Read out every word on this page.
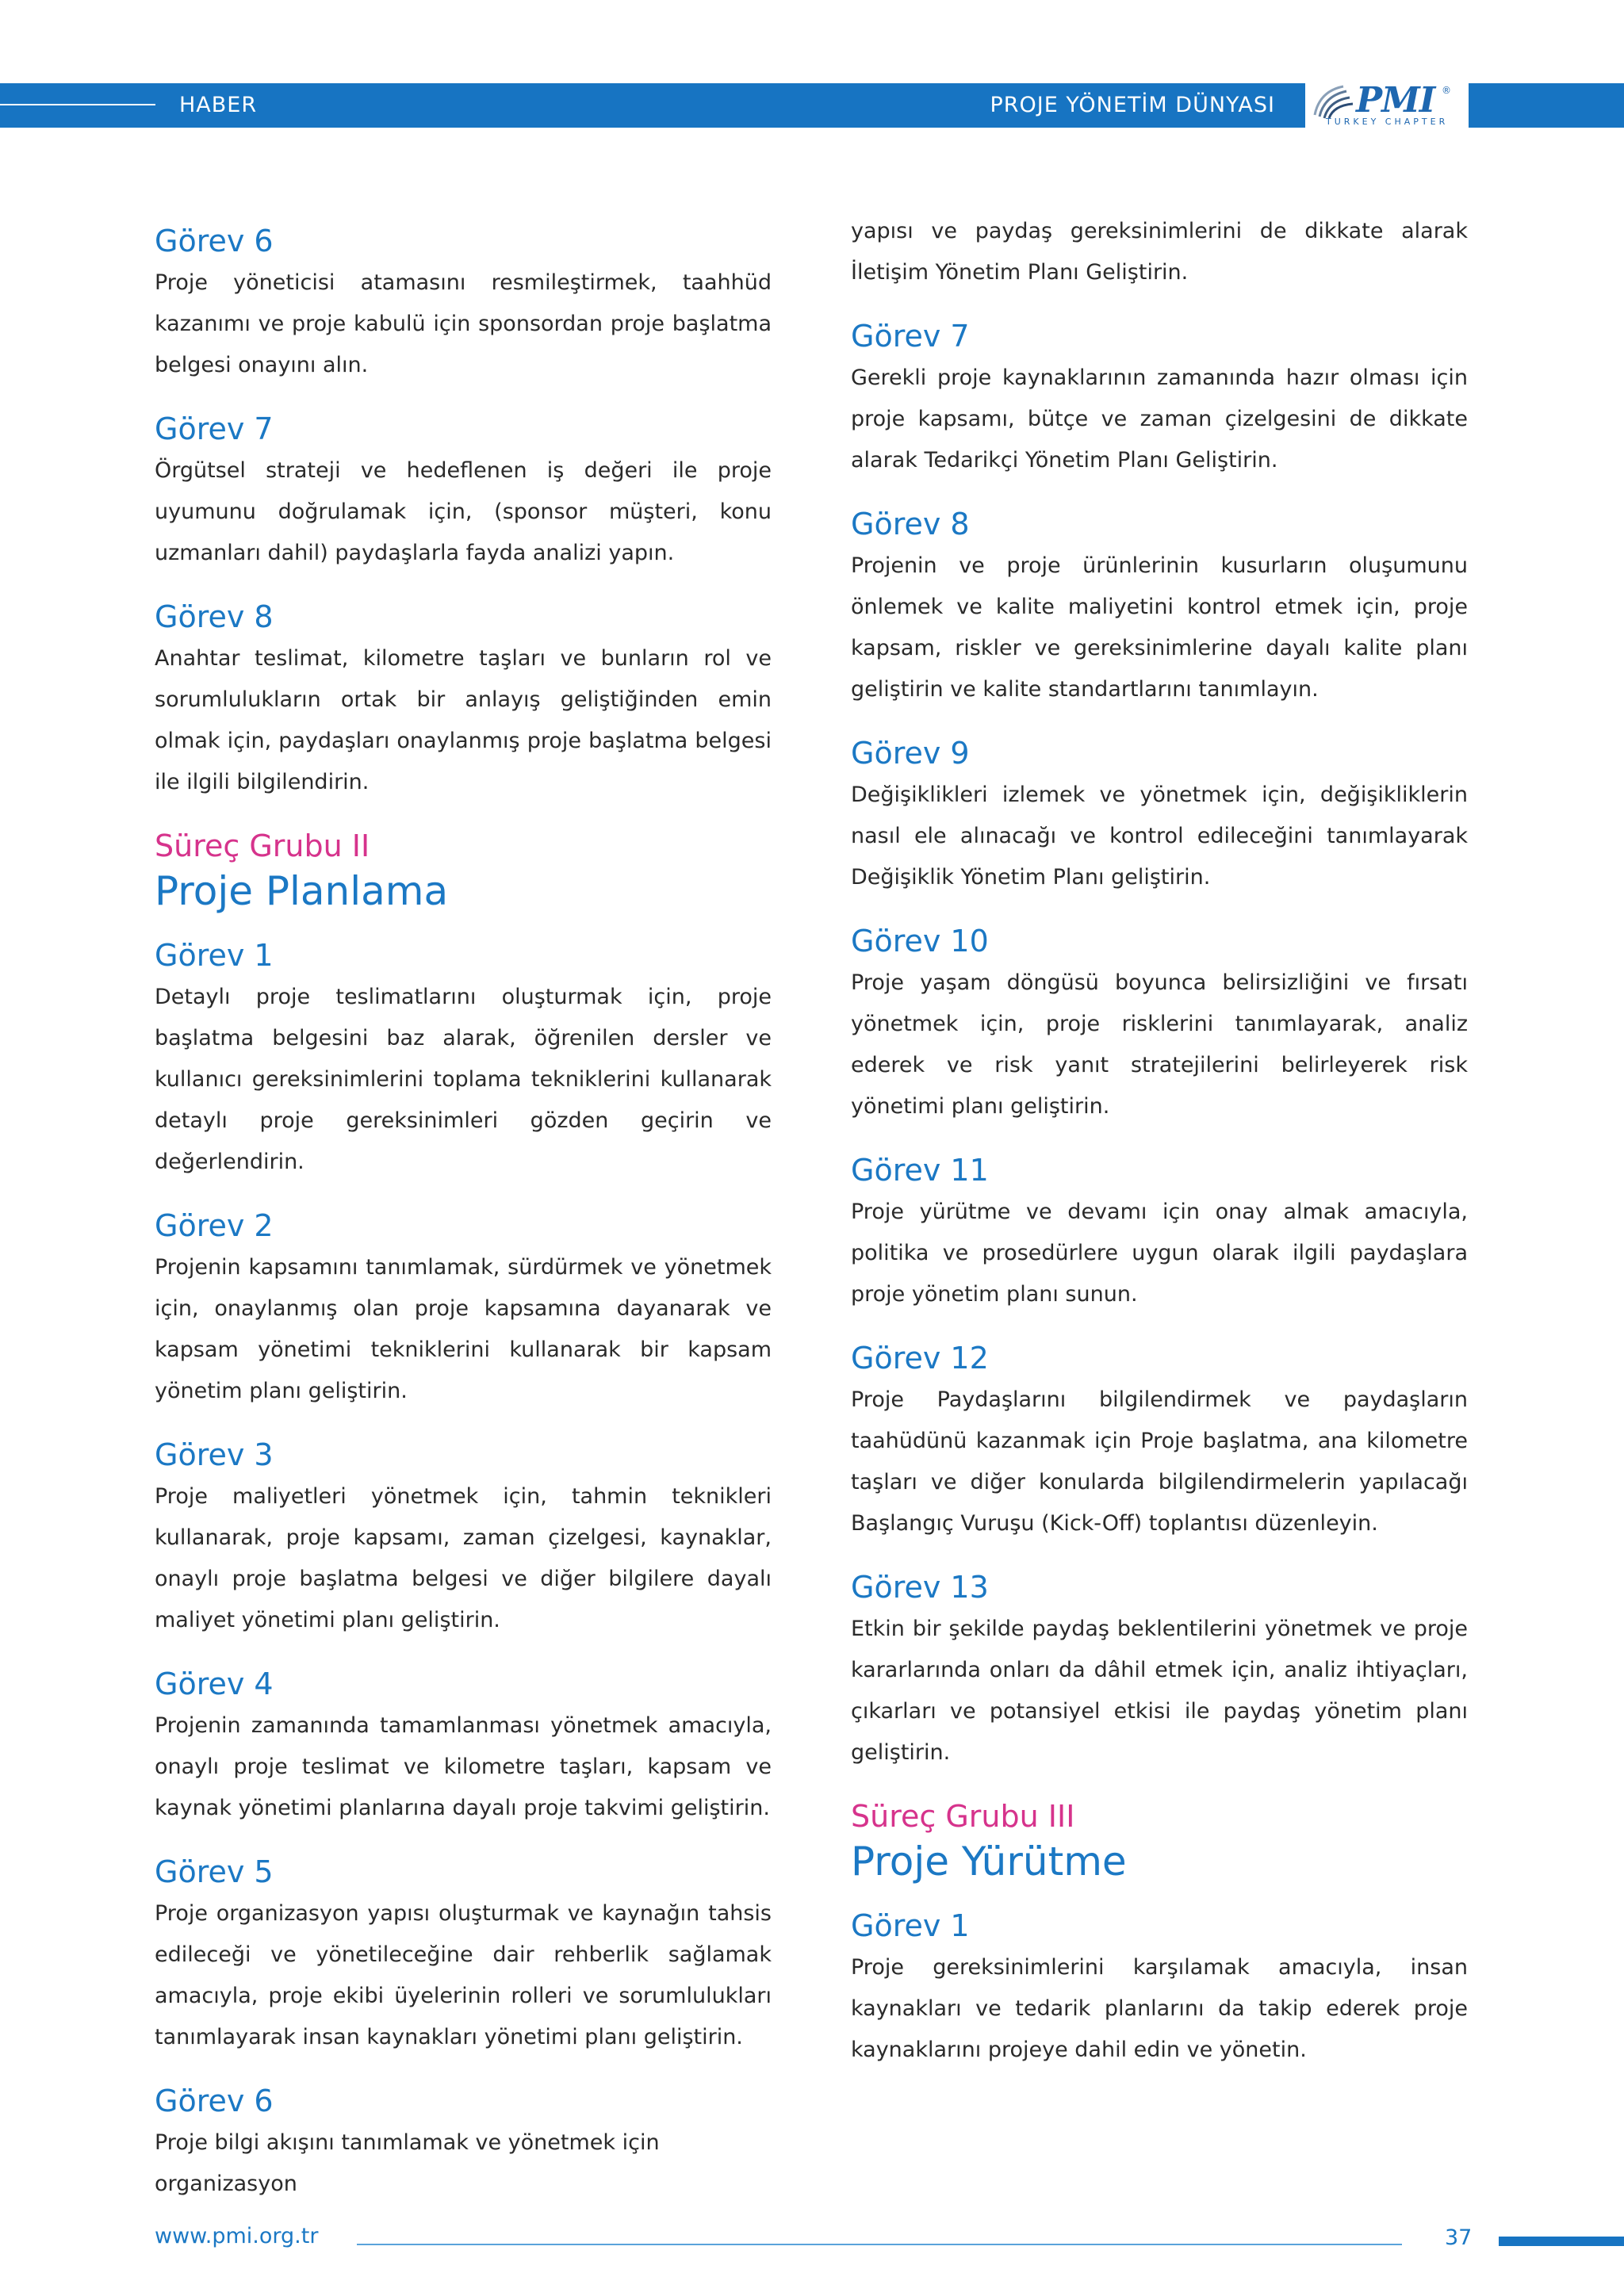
HABER	PROJE YÖNETİM DÜNYASI PMI ®
TURKEY CHAPTER
Görev 6

Proje yöneticisi atamasını resmileştirmek, taahhüd kazanımı ve proje kabulü için sponsordan proje başlatma belgesi onayını alın.

Görev 7

Örgütsel strateji ve hedeflenen iş değeri ile proje uyumunu doğrulamak için, (sponsor müşteri, konu uzmanları dahil) paydaşlarla fayda analizi yapın.

Görev 8

Anahtar teslimat, kilometre taşları ve bunların rol ve sorumlulukların ortak bir anlayış geliştiğinden emin olmak için, paydaşları onaylanmış proje başlatma belgesi ile ilgili bilgilendirin.

Süreç Grubu II
Proje Planlama
Görev 1

Detaylı proje teslimatlarını oluşturmak için, proje başlatma belgesini baz alarak, öğrenilen dersler ve kullanıcı gereksinimlerini toplama tekniklerini kullanarak detaylı proje gereksinimleri gözden geçirin ve değerlendirin.

Görev 2

Projenin kapsamını tanımlamak, sürdürmek ve yönetmek için, onaylanmış olan proje kapsamına dayanarak ve kapsam yönetimi tekniklerini kullanarak bir kapsam yönetim planı geliştirin.

Görev 3

Proje maliyetleri yönetmek için, tahmin teknikleri kullanarak, proje kapsamı, zaman çizelgesi, kaynaklar, onaylı proje başlatma belgesi ve diğer bilgilere dayalı maliyet yönetimi planı geliştirin.

Görev 4

Projenin zamanında tamamlanması yönetmek amacıyla, onaylı proje teslimat ve kilometre taşları, kapsam ve kaynak yönetimi planlarına dayalı proje takvimi geliştirin.

Görev 5

Proje organizasyon yapısı oluşturmak ve kaynağın tahsis edileceği ve yönetileceğine dair rehberlik sağlamak amacıyla, proje ekibi üyelerinin rolleri ve sorumlulukları tanımlayarak insan kaynakları yönetimi planı geliştirin.

Görev 6

Proje bilgi akışını tanımlamak ve yönetmek için organizasyon

yapısı ve paydaş gereksinimlerini de dikkate alarak İletişim Yönetim Planı Geliştirin.

Görev 7

Gerekli proje kaynaklarının zamanında hazır olması için proje kapsamı, bütçe ve zaman çizelgesini de dikkate alarak Tedarikçi Yönetim Planı Geliştirin.

Görev 8

Projenin ve proje ürünlerinin kusurların oluşumunu önlemek ve kalite maliyetini kontrol etmek için, proje kapsam, riskler ve gereksinimlerine dayalı kalite planı geliştirin ve kalite standartlarını tanımlayın.

Görev 9

Değişiklikleri izlemek ve yönetmek için, değişikliklerin nasıl ele alınacağı ve kontrol edileceğini tanımlayarak Değişiklik Yönetim Planı geliştirin.

Görev 10

Proje yaşam döngüsü boyunca belirsizliğini ve fırsatı yönetmek için, proje risklerini tanımlayarak, analiz ederek ve risk yanıt stratejilerini belirleyerek risk yönetimi planı geliştirin.

Görev 11

Proje yürütme ve devamı için onay almak amacıyla, politika ve prosedürlere uygun olarak ilgili paydaşlara proje yönetim planı sunun.

Görev 12

Proje Paydaşlarını bilgilendirmek ve paydaşların taahüdünü kazanmak için Proje başlatma, ana kilometre taşları ve diğer konularda bilgilendirmelerin yapılacağı Başlangıç Vuruşu (Kick-Off) toplantısı düzenleyin.

Görev 13

Etkin bir şekilde paydaş beklentilerini yönetmek ve proje kararlarında onları da dâhil etmek için, analiz ihtiyaçları, çıkarları ve potansiyel etkisi ile paydaş yönetim planı geliştirin.

Süreç Grubu III
Proje Yürütme
Görev 1

Proje gereksinimlerini karşılamak amacıyla, insan kaynakları ve tedarik planlarını da takip ederek proje kaynaklarını projeye dahil edin ve yönetin.

www.pmi.org.tr	37
